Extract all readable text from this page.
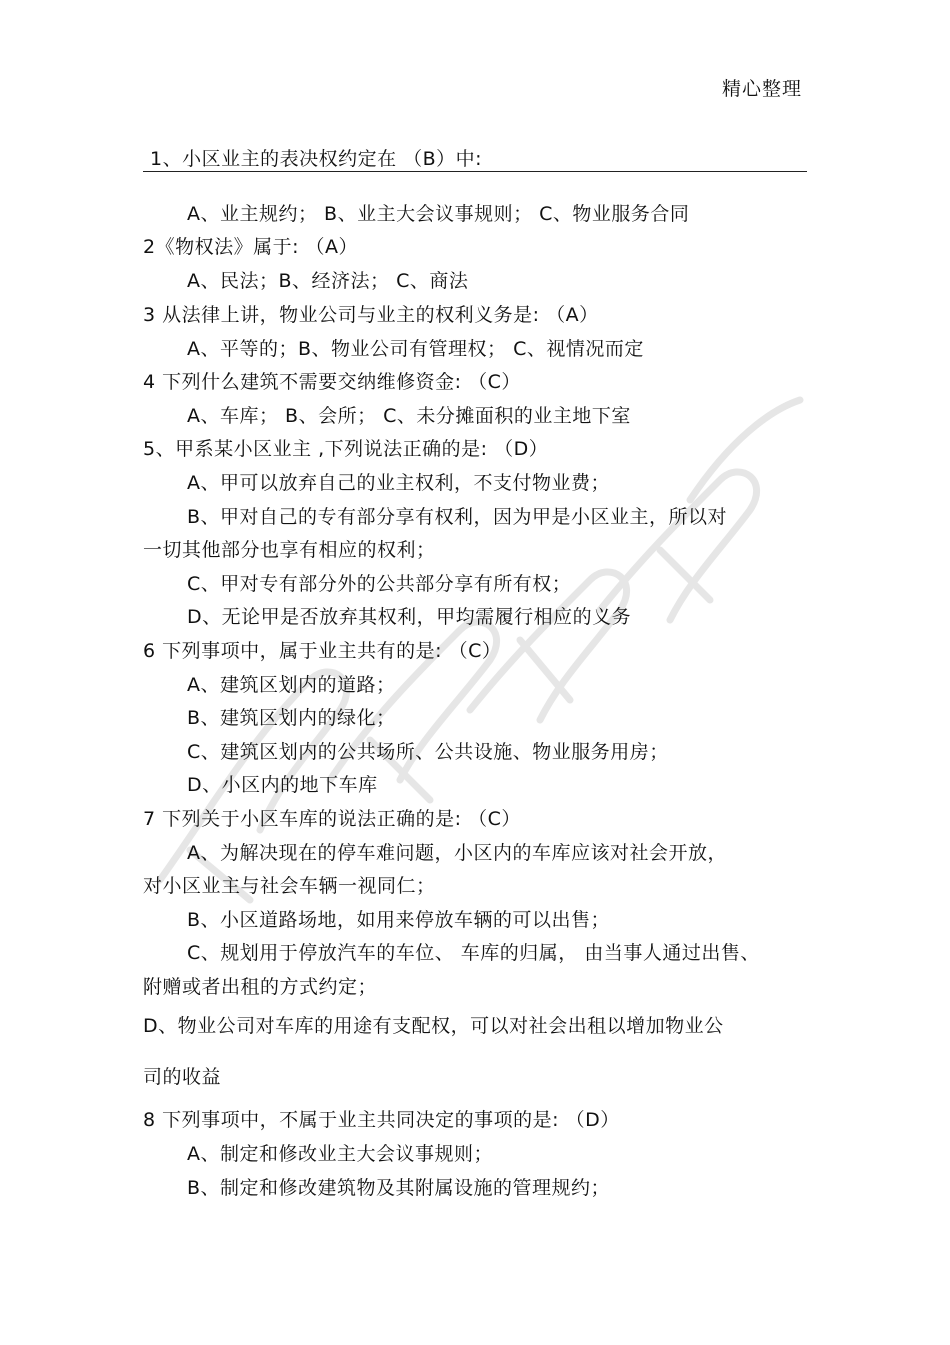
精心整理
1、小区业主的表决权约定在 （B）中:
A、业主规约； B、业主大会议事规则； C、物业服务合同
2《物权法》属于: （A）
A、民法；B、经济法； C、商法
3 从法律上讲，物业公司与业主的权利义务是: （A）
A、平等的；B、物业公司有管理权； C、视情况而定
4 下列什么建筑不需要交纳维修资金: （C）
A、车库； B、会所； C、未分摊面积的业主地下室
5、甲系某小区业主 ,下列说法正确的是: （D）
A、甲可以放弃自己的业主权利，不支付物业费；
B、甲对自己的专有部分享有权利，因为甲是小区业主，所以对
一切其他部分也享有相应的权利；
C、甲对专有部分外的公共部分享有所有权；
D、无论甲是否放弃其权利，甲均需履行相应的义务
6 下列事项中，属于业主共有的是: （C）
A、建筑区划内的道路；
B、建筑区划内的绿化；
C、建筑区划内的公共场所、公共设施、物业服务用房；
D、小区内的地下车库
7 下列关于小区车库的说法正确的是: （C）
A、为解决现在的停车难问题，小区内的车库应该对社会开放，
对小区业主与社会车辆一视同仁；
B、小区道路场地，如用来停放车辆的可以出售；
C、规划用于停放汽车的车位、 车库的归属， 由当事人通过出售、
附赠或者出租的方式约定；
D、物业公司对车库的用途有支配权，可以对社会出租以增加物业公
司的收益
8 下列事项中，不属于业主共同决定的事项的是: （D）
A、制定和修改业主大会议事规则；
B、制定和修改建筑物及其附属设施的管理规约；
